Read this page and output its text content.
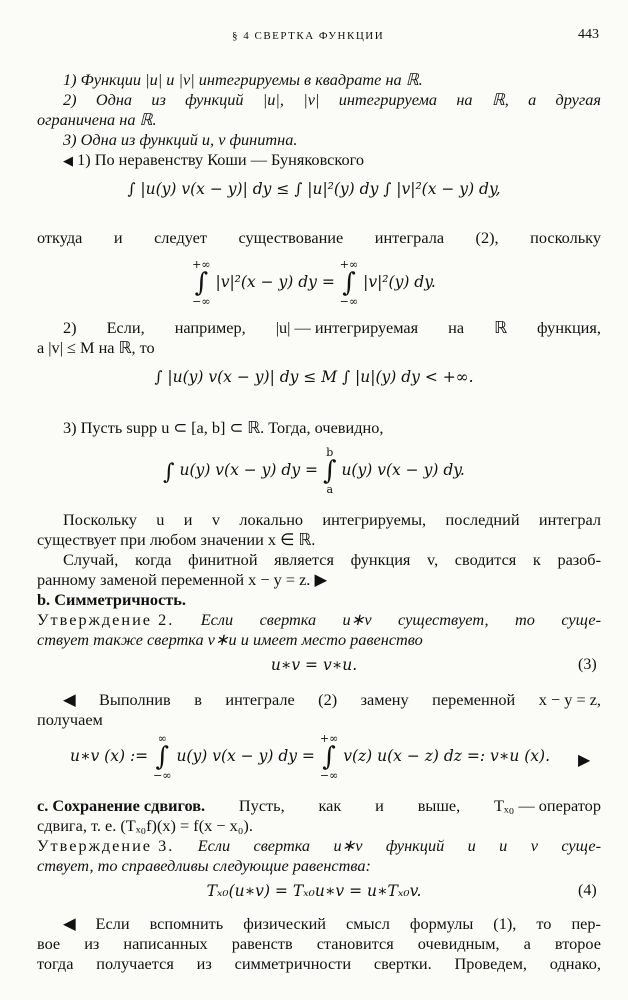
§ 4 СВЕРТКА ФУНКЦИИ	443
1) Функции |u| и |v| интегрируемы в квадрате на ℝ.
2) Одна из функций |u|, |v| интегрируема на ℝ, а другая
ограничена на ℝ.
3) Одна из функций u, v финитна.
◀ 1) По неравенству Коши — Буняковского
∫ |u(y) v(x − y)| dy ≤ ∫ |u|²(y) dy ∫ |v|²(x − y) dy,
откуда и следует существование интеграла (2), поскольку
+∞
∫
−∞
|v|²(x − y) dy =
+∞
∫
−∞
|v|²(y) dy.
2) Если, например, |u| — интегрируемая на ℝ функция,
а |v| ≤ M на ℝ, то
∫ |u(y) v(x − y)| dy ≤ M ∫ |u|(y) dy < +∞.
3) Пусть supp u ⊂ [a, b] ⊂ ℝ. Тогда, очевидно,
∫ u(y) v(x − y) dy =
b
∫
a
u(y) v(x − y) dy.
Поскольку u и v локально интегрируемы, последний интеграл
существует при любом значении x ∈ ℝ.
Случай, когда финитной является функция v, сводится к разоб-
ранному заменой переменной x − y = z. ▶
b. Симметричность.
Утверждение 2. Если свертка u∗v существует, то суще-
ствует также свертка v∗u и имеет место равенство
u∗v = v∗u.	(3)
◀ Выполнив в интеграле (2) замену переменной x − y = z,
получаем
u∗v (x) :=
∞
∫
−∞
u(y) v(x − y) dy =
+∞
∫
−∞
v(z) u(x − z) dz =: v∗u (x).	▶
c. Сохранение сдвигов. Пусть, как и выше, Tₓ₀ — оператор
сдвига, т. е. (Tₓ₀f)(x) = f(x − x₀).
Утверждение 3. Если свертка u∗v функций u и v суще-
ствует, то справедливы следующие равенства:
Tₓ₀(u∗v) = Tₓ₀u∗v = u∗Tₓ₀v.	(4)
◀ Если вспомнить физический смысл формулы (1), то пер-
вое из написанных равенств становится очевидным, а второе
тогда получается из симметричности свертки. Проведем, однако,
